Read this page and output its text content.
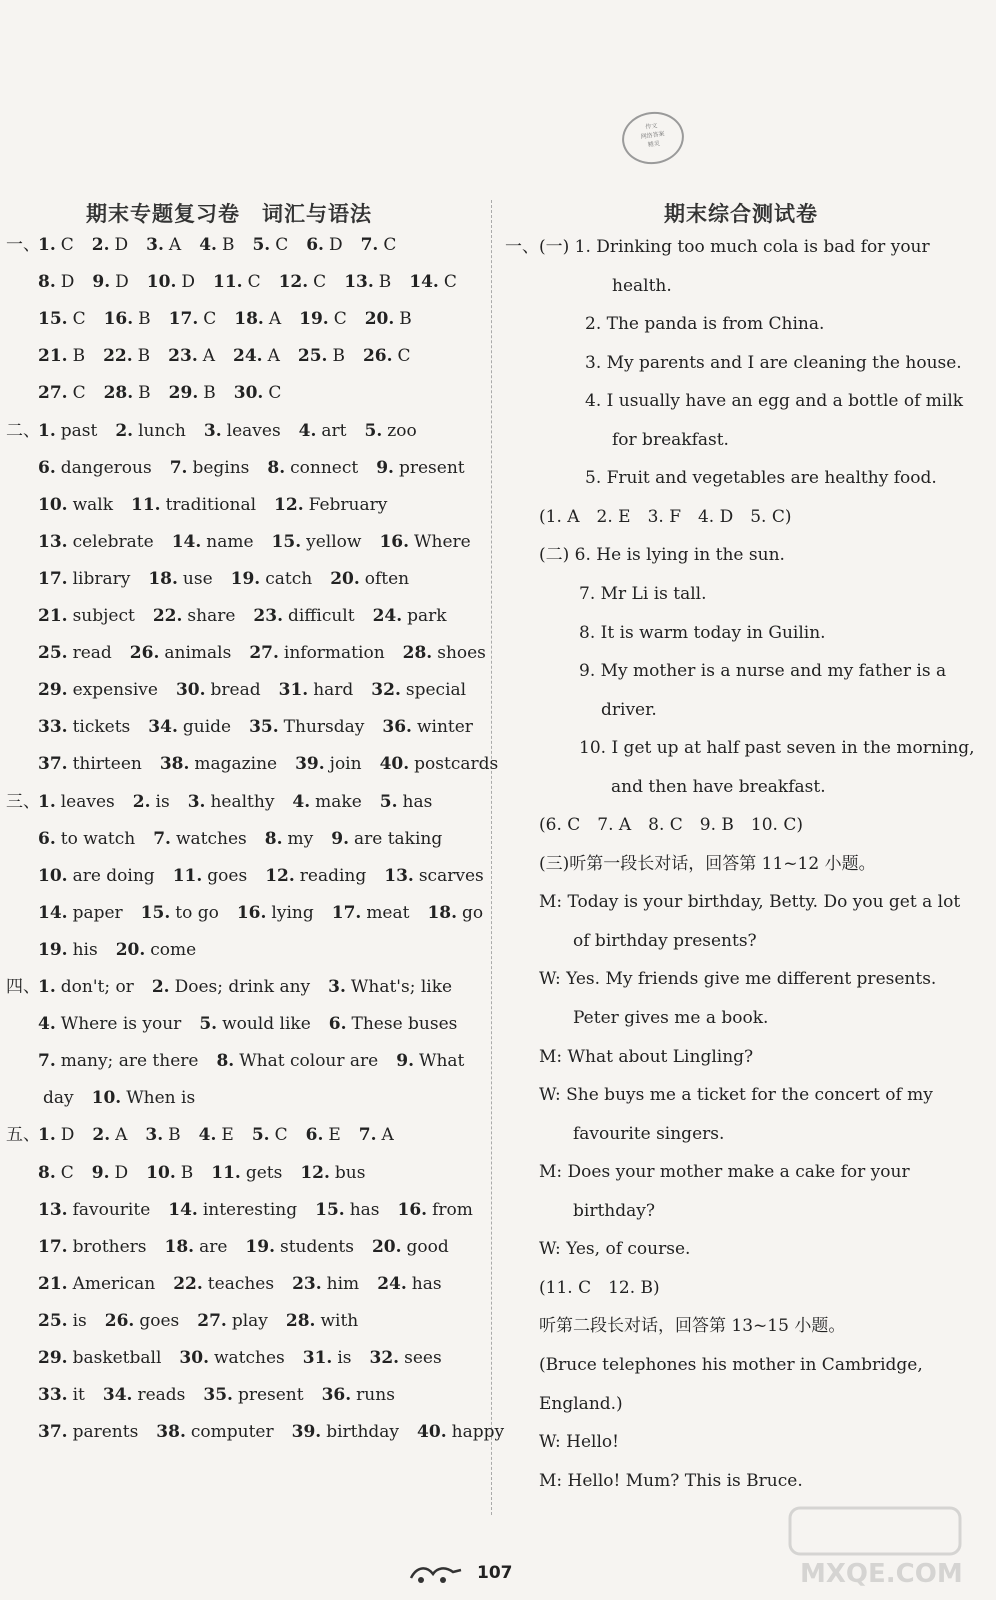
作文
网络答案
精灵
期末专题复习卷　词汇与语法	期末综合测试卷
一、
1. C 2. D 3. A 4. B 5. C 6. D 7. C
8. D 9. D 10. D 11. C 12. C 13. B 14. C
15. C 16. B 17. C 18. A 19. C 20. B
21. B 22. B 23. A 24. A 25. B 26. C
27. C 28. B 29. B 30. C
二、
1. past 2. lunch 3. leaves 4. art 5. zoo
6. dangerous 7. begins 8. connect 9. present
10. walk 11. traditional 12. February
13. celebrate 14. name 15. yellow 16. Where
17. library 18. use 19. catch 20. often
21. subject 22. share 23. difficult 24. park
25. read 26. animals 27. information 28. shoes
29. expensive 30. bread 31. hard 32. special
33. tickets 34. guide 35. Thursday 36. winter
37. thirteen 38. magazine 39. join 40. postcards
三、
1. leaves 2. is 3. healthy 4. make 5. has
6. to watch 7. watches 8. my 9. are taking
10. are doing 11. goes 12. reading 13. scarves
14. paper 15. to go 16. lying 17. meat 18. go
19. his 20. come
四、
1. don't; or 2. Does; drink any 3. What's; like
4. Where is your 5. would like 6. These buses
7. many; are there 8. What colour are 9. What
day 10. When is
五、
1. D 2. A 3. B 4. E 5. C 6. E 7. A
8. C 9. D 10. B 11. gets 12. bus
13. favourite 14. interesting 15. has 16. from
17. brothers 18. are 19. students 20. good
21. American 22. teaches 23. him 24. has
25. is 26. goes 27. play 28. with
29. basketball 30. watches 31. is 32. sees
33. it 34. reads 35. present 36. runs
37. parents 38. computer 39. birthday 40. happy
一、(一) 1. Drinking too much cola is bad for your
health.
2. The panda is from China.
3. My parents and I are cleaning the house.
4. I usually have an egg and a bottle of milk
for breakfast.
5. Fruit and vegetables are healthy food.
(1. A　2. E　3. F　4. D　5. C)
(二) 6. He is lying in the sun.
7. Mr Li is tall.
8. It is warm today in Guilin.
9. My mother is a nurse and my father is a
driver.
10. I get up at half past seven in the morning,
and then have breakfast.
(6. C　7. A　8. C　9. B　10. C)
(三)听第一段长对话，回答第 11~12 小题。
M: Today is your birthday, Betty. Do you get a lot
of birthday presents?
W: Yes. My friends give me different presents.
Peter gives me a book.
M: What about Lingling?
W: She buys me a ticket for the concert of my
favourite singers.
M: Does your mother make a cake for your
birthday?
W: Yes, of course.
(11. C　12. B)
听第二段长对话，回答第 13~15 小题。
(Bruce telephones his mother in Cambridge,
England.)
W: Hello!
M: Hello! Mum? This is Bruce.
107	MXQE.COM
